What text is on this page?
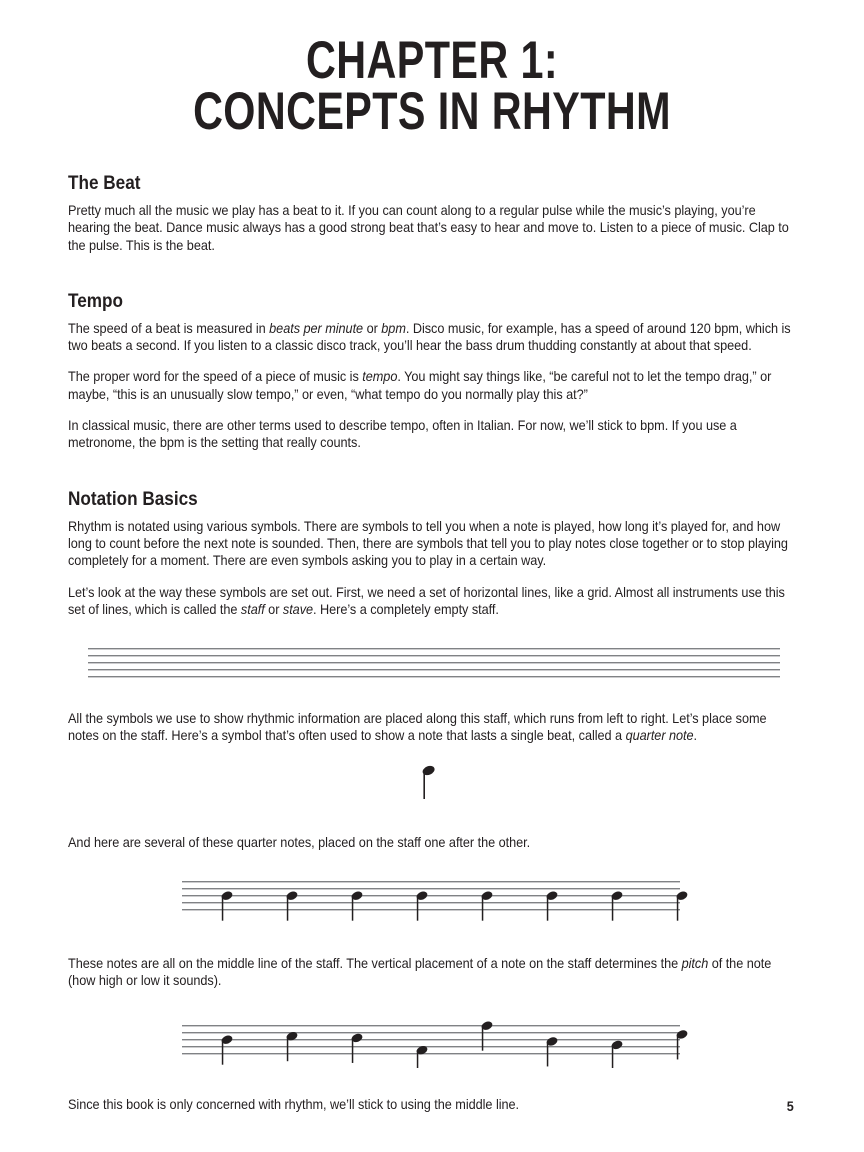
CHAPTER 1:
CONCEPTS IN RHYTHM
The Beat

Pretty much all the music we play has a beat to it. If you can count along to a regular pulse while the music’s playing, you’re hearing the beat. Dance music always has a good strong beat that’s easy to hear and move to. Listen to a piece of music. Clap to the pulse. This is the beat.

Tempo

The speed of a beat is measured in beats per minute or bpm. Disco music, for example, has a speed of around 120 bpm, which is two beats a second. If you listen to a classic disco track, you’ll hear the bass drum thudding constantly at about that speed.

The proper word for the speed of a piece of music is tempo. You might say things like, “be careful not to let the tempo drag,” or maybe, “this is an unusually slow tempo,” or even, “what tempo do you normally play this at?”

In classical music, there are other terms used to describe tempo, often in Italian. For now, we’ll stick to bpm. If you use a metronome, the bpm is the setting that really counts.

Notation Basics

Rhythm is notated using various symbols. There are symbols to tell you when a note is played, how long it’s played for, and how long to count before the next note is sounded. Then, there are symbols that tell you to play notes close together or to stop playing completely for a moment. There are even symbols asking you to play in a certain way.

Let’s look at the way these symbols are set out. First, we need a set of horizontal lines, like a grid. Almost all instruments use this set of lines, which is called the staff or stave. Here’s a completely empty staff.

All the symbols we use to show rhythmic information are placed along this staff, which runs from left to right. Let’s place some notes on the staff. Here’s a symbol that’s often used to show a note that lasts a single beat, called a quarter note.

And here are several of these quarter notes, placed on the staff one after the other.

These notes are all on the middle line of the staff. The vertical placement of a note on the staff determines the pitch of the note (how high or low it sounds).

Since this book is only concerned with rhythm, we’ll stick to using the middle line.	5
